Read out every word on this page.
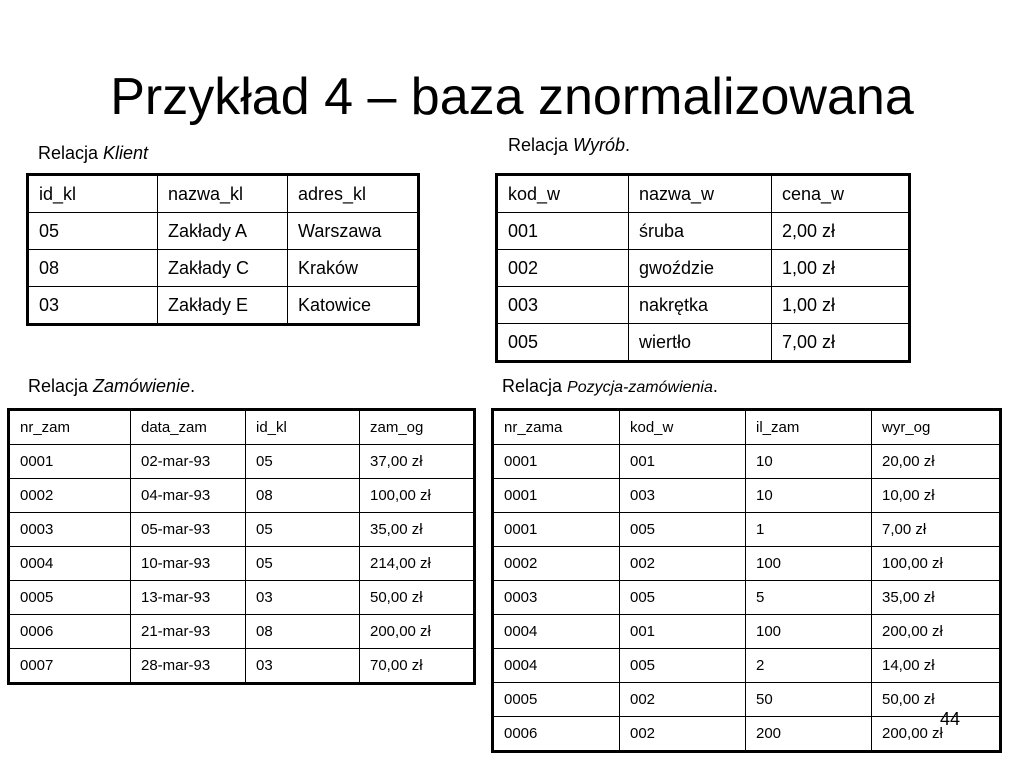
Przykład 4 – baza znormalizowana
Relacja Klient
id_kl	nazwa_kl	adres_kl
05	Zakłady A	Warszawa
08	Zakłady C	Kraków
03	Zakłady E	Katowice
Relacja Wyrób.
kod_w	nazwa_w	cena_w
001	śruba	2,00 zł
002	gwoździe	1,00 zł
003	nakrętka	1,00 zł
005	wiertło	7,00 zł
Relacja Zamówienie.
nr_zam	data_zam	id_kl	zam_og
0001	02-mar-93	05	37,00 zł
0002	04-mar-93	08	100,00 zł
0003	05-mar-93	05	35,00 zł
0004	10-mar-93	05	214,00 zł
0005	13-mar-93	03	50,00 zł
0006	21-mar-93	08	200,00 zł
0007	28-mar-93	03	70,00 zł
Relacja Pozycja-zamówienia.
nr_zama	kod_w	il_zam	wyr_og
0001	001	10	20,00 zł
0001	003	10	10,00 zł
0001	005	1	7,00 zł
0002	002	100	100,00 zł
0003	005	5	35,00 zł
0004	001	100	200,00 zł
0004	005	2	14,00 zł
0005	002	50	50,00 zł
0006	002	200	200,00 zł
44
